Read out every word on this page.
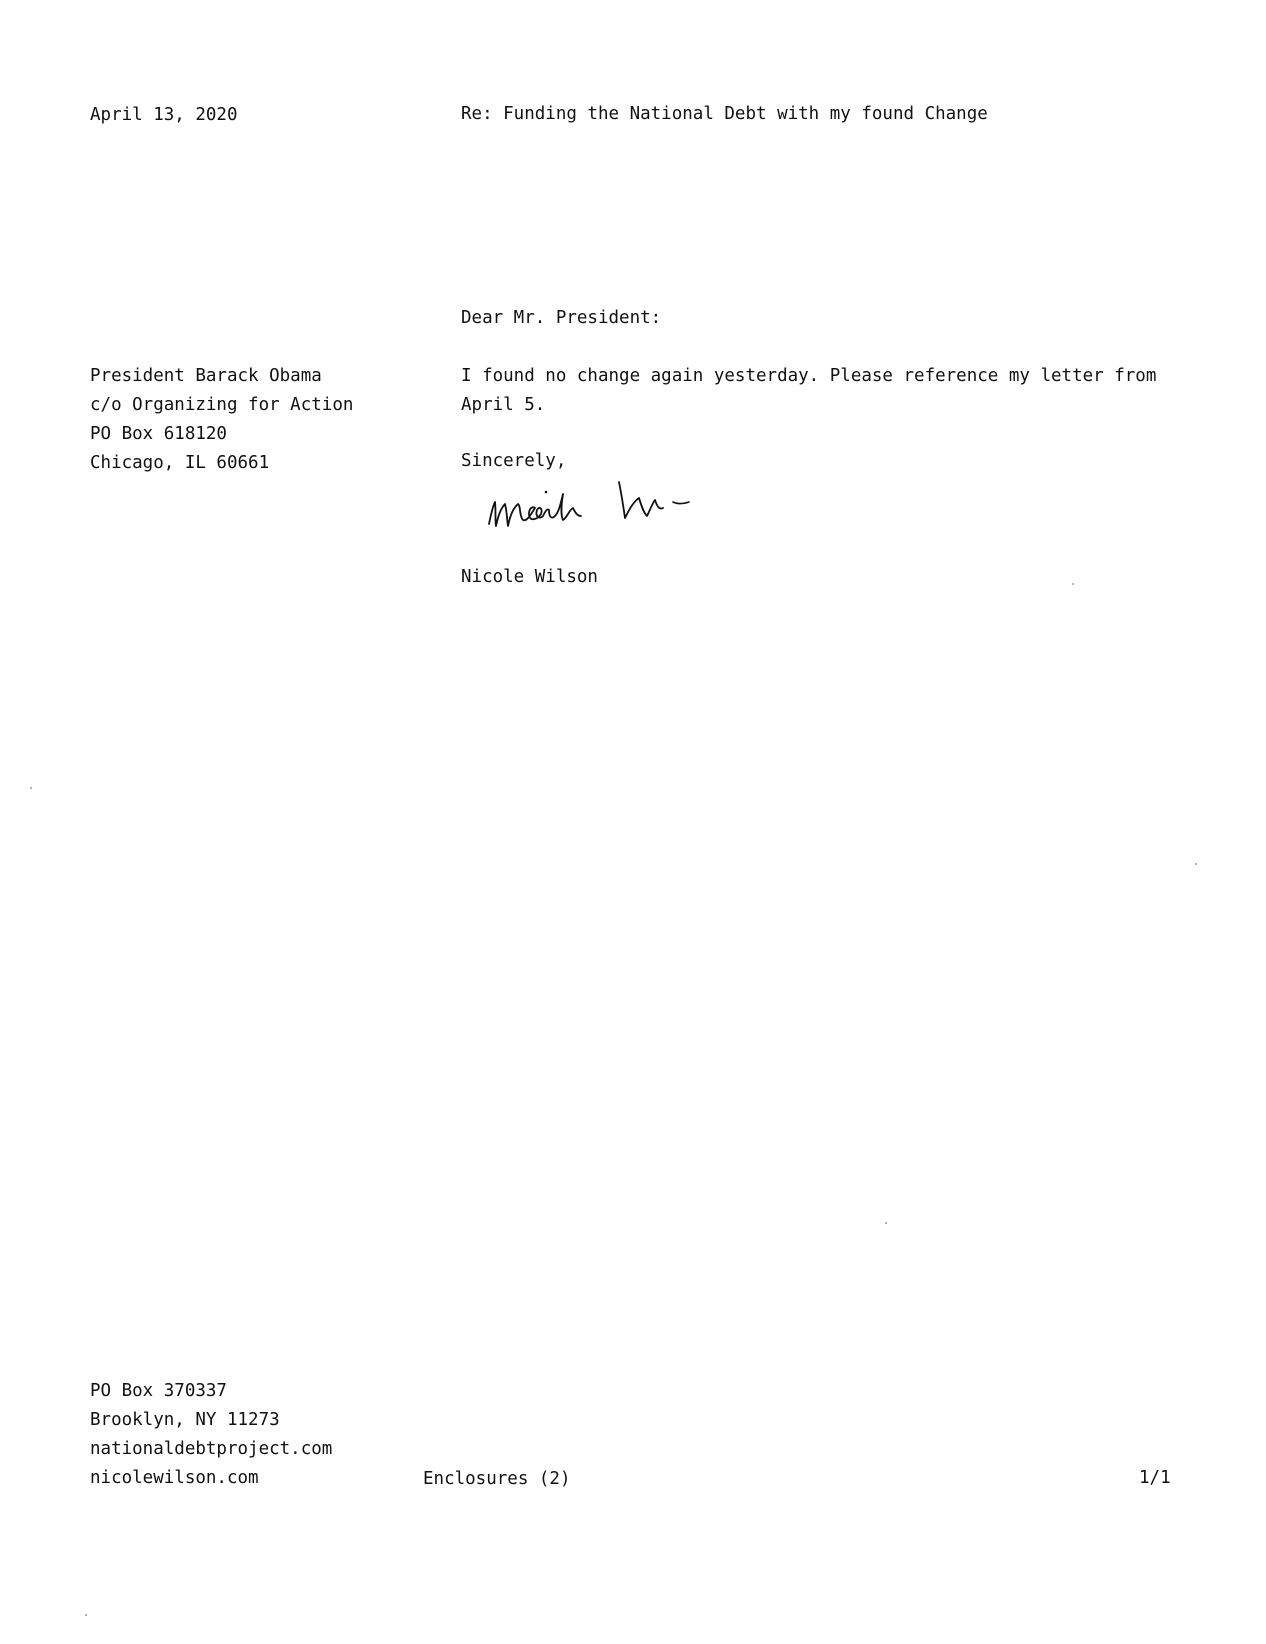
April 13, 2020	Re: Funding the National Debt with my found Change
Dear Mr. President:
President Barack Obama
c/o Organizing for Action
PO Box 618120
Chicago, IL 60661
I found no change again yesterday. Please reference my letter from April 5.
Sincerely,
Nicole Wilson
PO Box 370337
Brooklyn, NY 11273
nationaldebtproject.com
nicolewilson.com	Enclosures (2)	1/1
